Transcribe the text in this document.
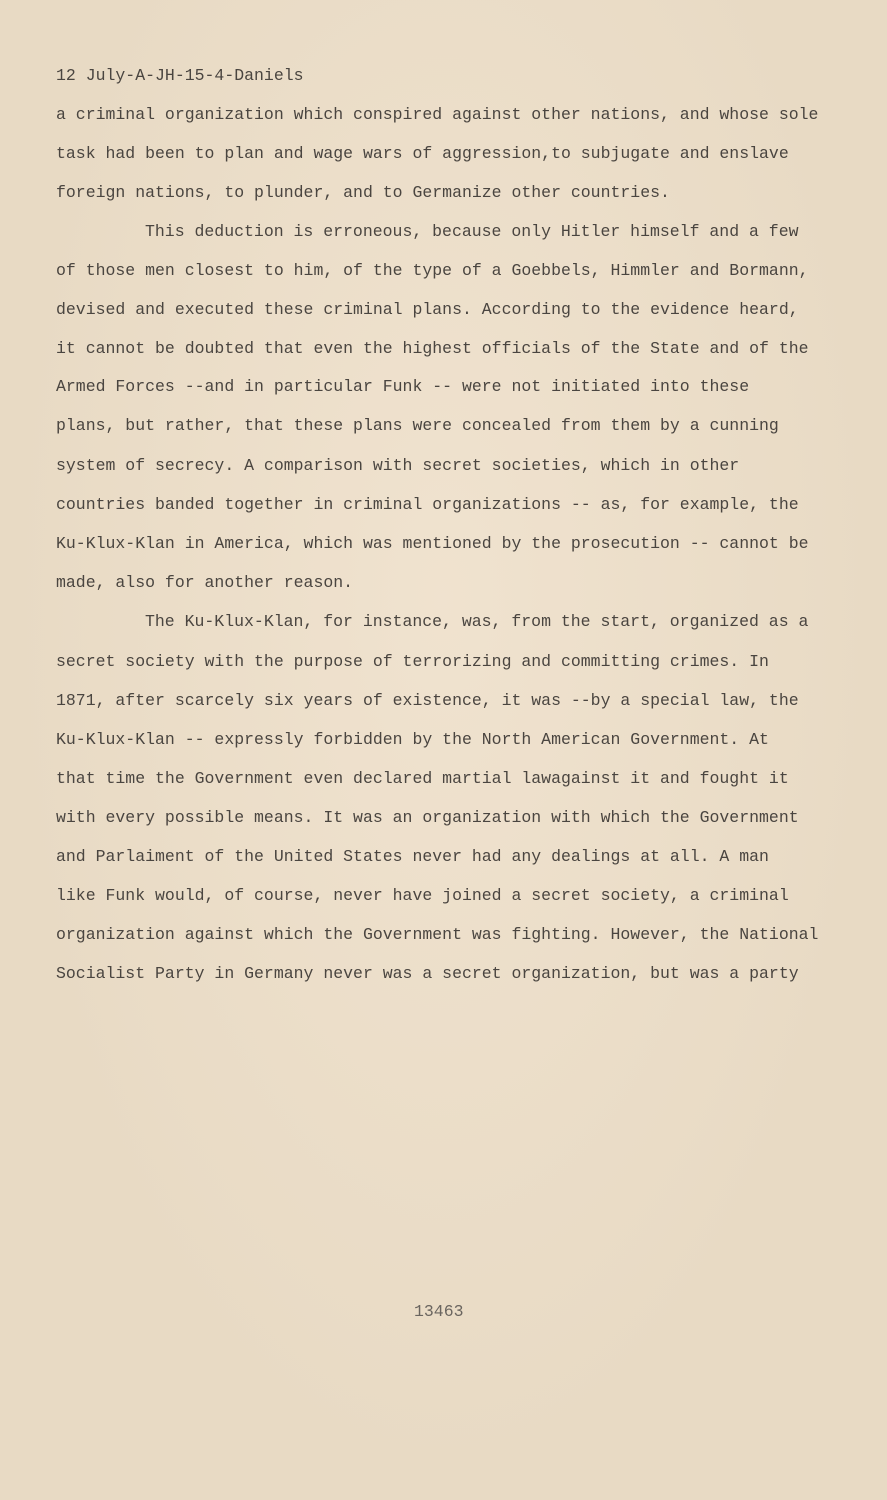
12 July-A-JH-15-4-Daniels
a criminal organization which conspired against other nations, and whose sole
task had been to plan and wage wars of aggression,to subjugate and enslave
foreign nations, to plunder, and to Germanize other countries.
This deduction is erroneous, because only Hitler himself and a few
of those men closest to him, of the type of a Goebbels, Himmler and Bormann,
devised and executed these criminal plans. According to the evidence heard,
it cannot be doubted that even the highest officials of the State and of the
Armed Forces --and in particular Funk -- were not initiated into these
plans, but rather, that these plans were concealed from them by a cunning
system of secrecy. A comparison with secret societies, which in other
countries banded together in criminal organizations -- as, for example, the
Ku-Klux-Klan in America, which was mentioned by the prosecution -- cannot be
made, also for another reason.
The Ku-Klux-Klan, for instance, was, from the start, organized as a
secret society with the purpose of terrorizing and committing crimes. In
1871, after scarcely six years of existence, it was --by a special law, the
Ku-Klux-Klan -- expressly forbidden by the North American Government. At
that time the Government even declared martial lawagainst it and fought it
with every possible means. It was an organization with which the Government
and Parlaiment of the United States never had any dealings at all. A man
like Funk would, of course, never have joined a secret society, a criminal
organization against which the Government was fighting. However, the National
Socialist Party in Germany never was a secret organization, but was a party
13463
